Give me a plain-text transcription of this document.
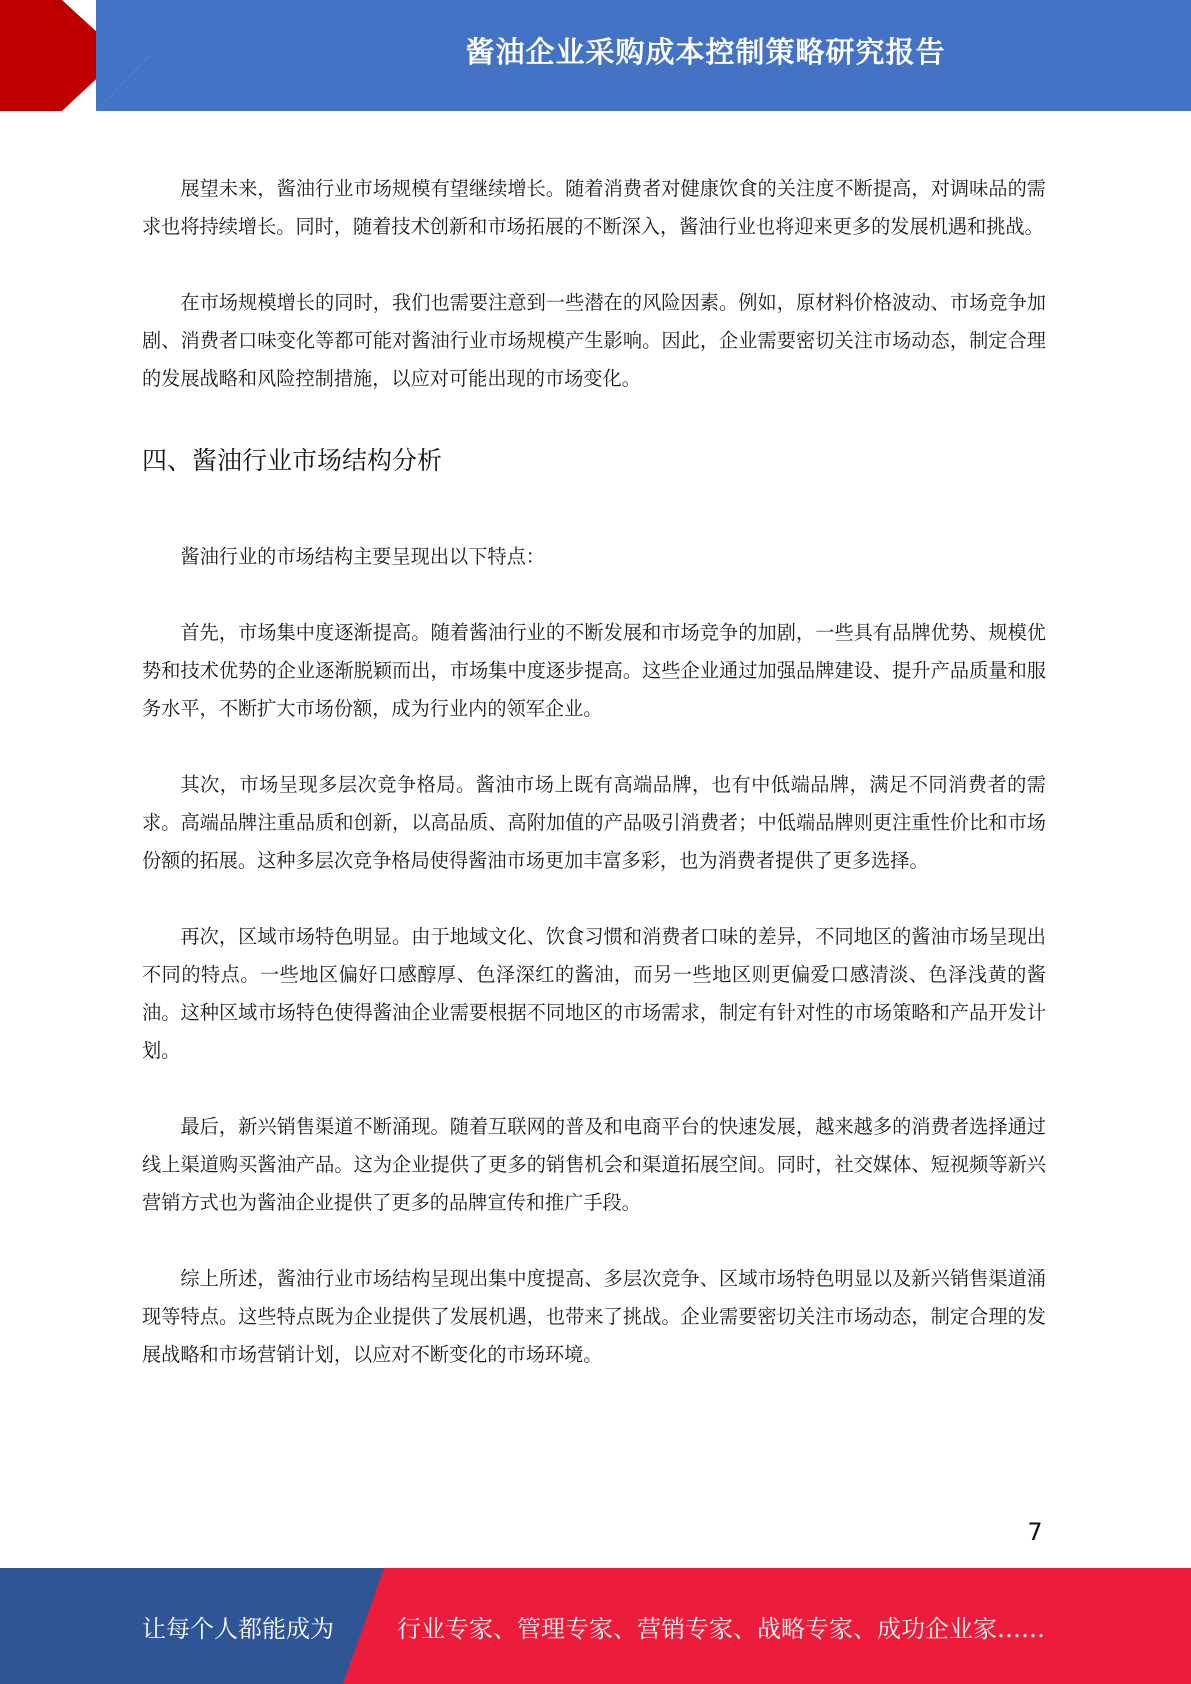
酱油企业采购成本控制策略研究报告

展望未来，酱油行业市场规模有望继续增长。随着消费者对健康饮食的关注度不断提高，对调味品的需求也将持续增长。同时，随着技术创新和市场拓展的不断深入，酱油行业也将迎来更多的发展机遇和挑战。

在市场规模增长的同时，我们也需要注意到一些潜在的风险因素。例如，原材料价格波动、市场竞争加剧、消费者口味变化等都可能对酱油行业市场规模产生影响。因此，企业需要密切关注市场动态，制定合理的发展战略和风险控制措施，以应对可能出现的市场变化。

四、酱油行业市场结构分析

酱油行业的市场结构主要呈现出以下特点：

首先，市场集中度逐渐提高。随着酱油行业的不断发展和市场竞争的加剧，一些具有品牌优势、规模优势和技术优势的企业逐渐脱颖而出，市场集中度逐步提高。这些企业通过加强品牌建设、提升产品质量和服务水平，不断扩大市场份额，成为行业内的领军企业。

其次，市场呈现多层次竞争格局。酱油市场上既有高端品牌，也有中低端品牌，满足不同消费者的需求。高端品牌注重品质和创新，以高品质、高附加值的产品吸引消费者；中低端品牌则更注重性价比和市场份额的拓展。这种多层次竞争格局使得酱油市场更加丰富多彩，也为消费者提供了更多选择。

再次，区域市场特色明显。由于地域文化、饮食习惯和消费者口味的差异，不同地区的酱油市场呈现出不同的特点。一些地区偏好口感醇厚、色泽深红的酱油，而另一些地区则更偏爱口感清淡、色泽浅黄的酱油。这种区域市场特色使得酱油企业需要根据不同地区的市场需求，制定有针对性的市场策略和产品开发计划。

最后，新兴销售渠道不断涌现。随着互联网的普及和电商平台的快速发展，越来越多的消费者选择通过线上渠道购买酱油产品。这为企业提供了更多的销售机会和渠道拓展空间。同时，社交媒体、短视频等新兴营销方式也为酱油企业提供了更多的品牌宣传和推广手段。

综上所述，酱油行业市场结构呈现出集中度提高、多层次竞争、区域市场特色明显以及新兴销售渠道涌现等特点。这些特点既为企业提供了发展机遇，也带来了挑战。企业需要密切关注市场动态，制定合理的发展战略和市场营销计划，以应对不断变化的市场环境。

7
让每个人都能成为	行业专家、管理专家、营销专家、战略专家、成功企业家……
